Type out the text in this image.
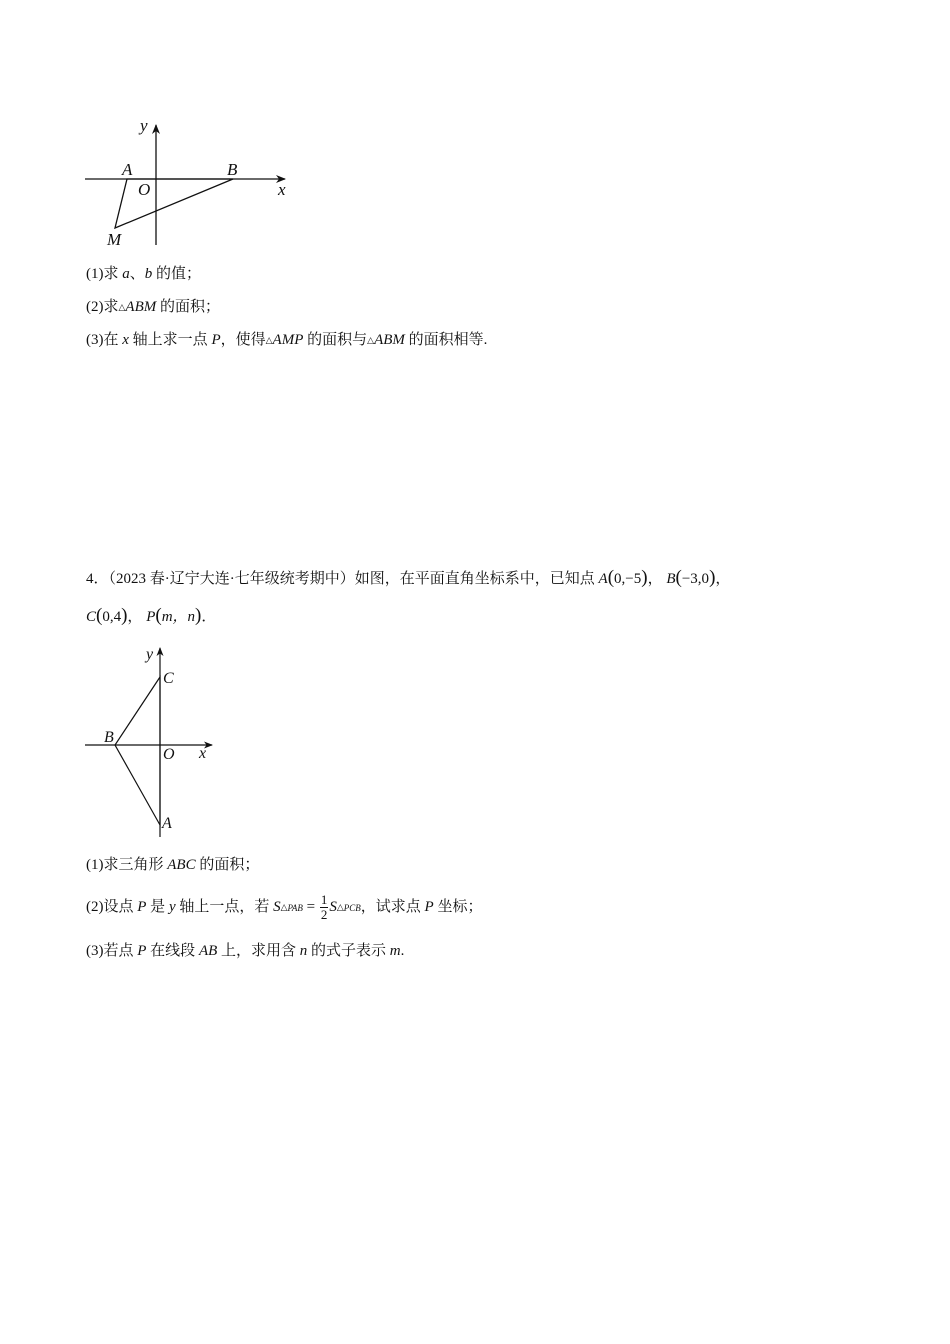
y
x
A
O
B
M
(1)求 a、b 的值；
(2)求△ABM 的面积；
(3)在 x 轴上求一点 P，使得△AMP 的面积与△ABM 的面积相等.
4．（2023 春·辽宁大连·七年级统考期中）如图，在平面直角坐标系中，已知点 A(0,−5)， B(−3,0)，
C(0,4)， P(m，n)．
y
x
C
B
O
A
(1)求三角形 ABC 的面积；
(2)设点 P 是 y 轴上一点，若 S△PAB = $\frac{1}{2}$ S△PCB，试求点 P 坐标；
(3)若点 P 在线段 AB 上，求用含 n 的式子表示 m.
